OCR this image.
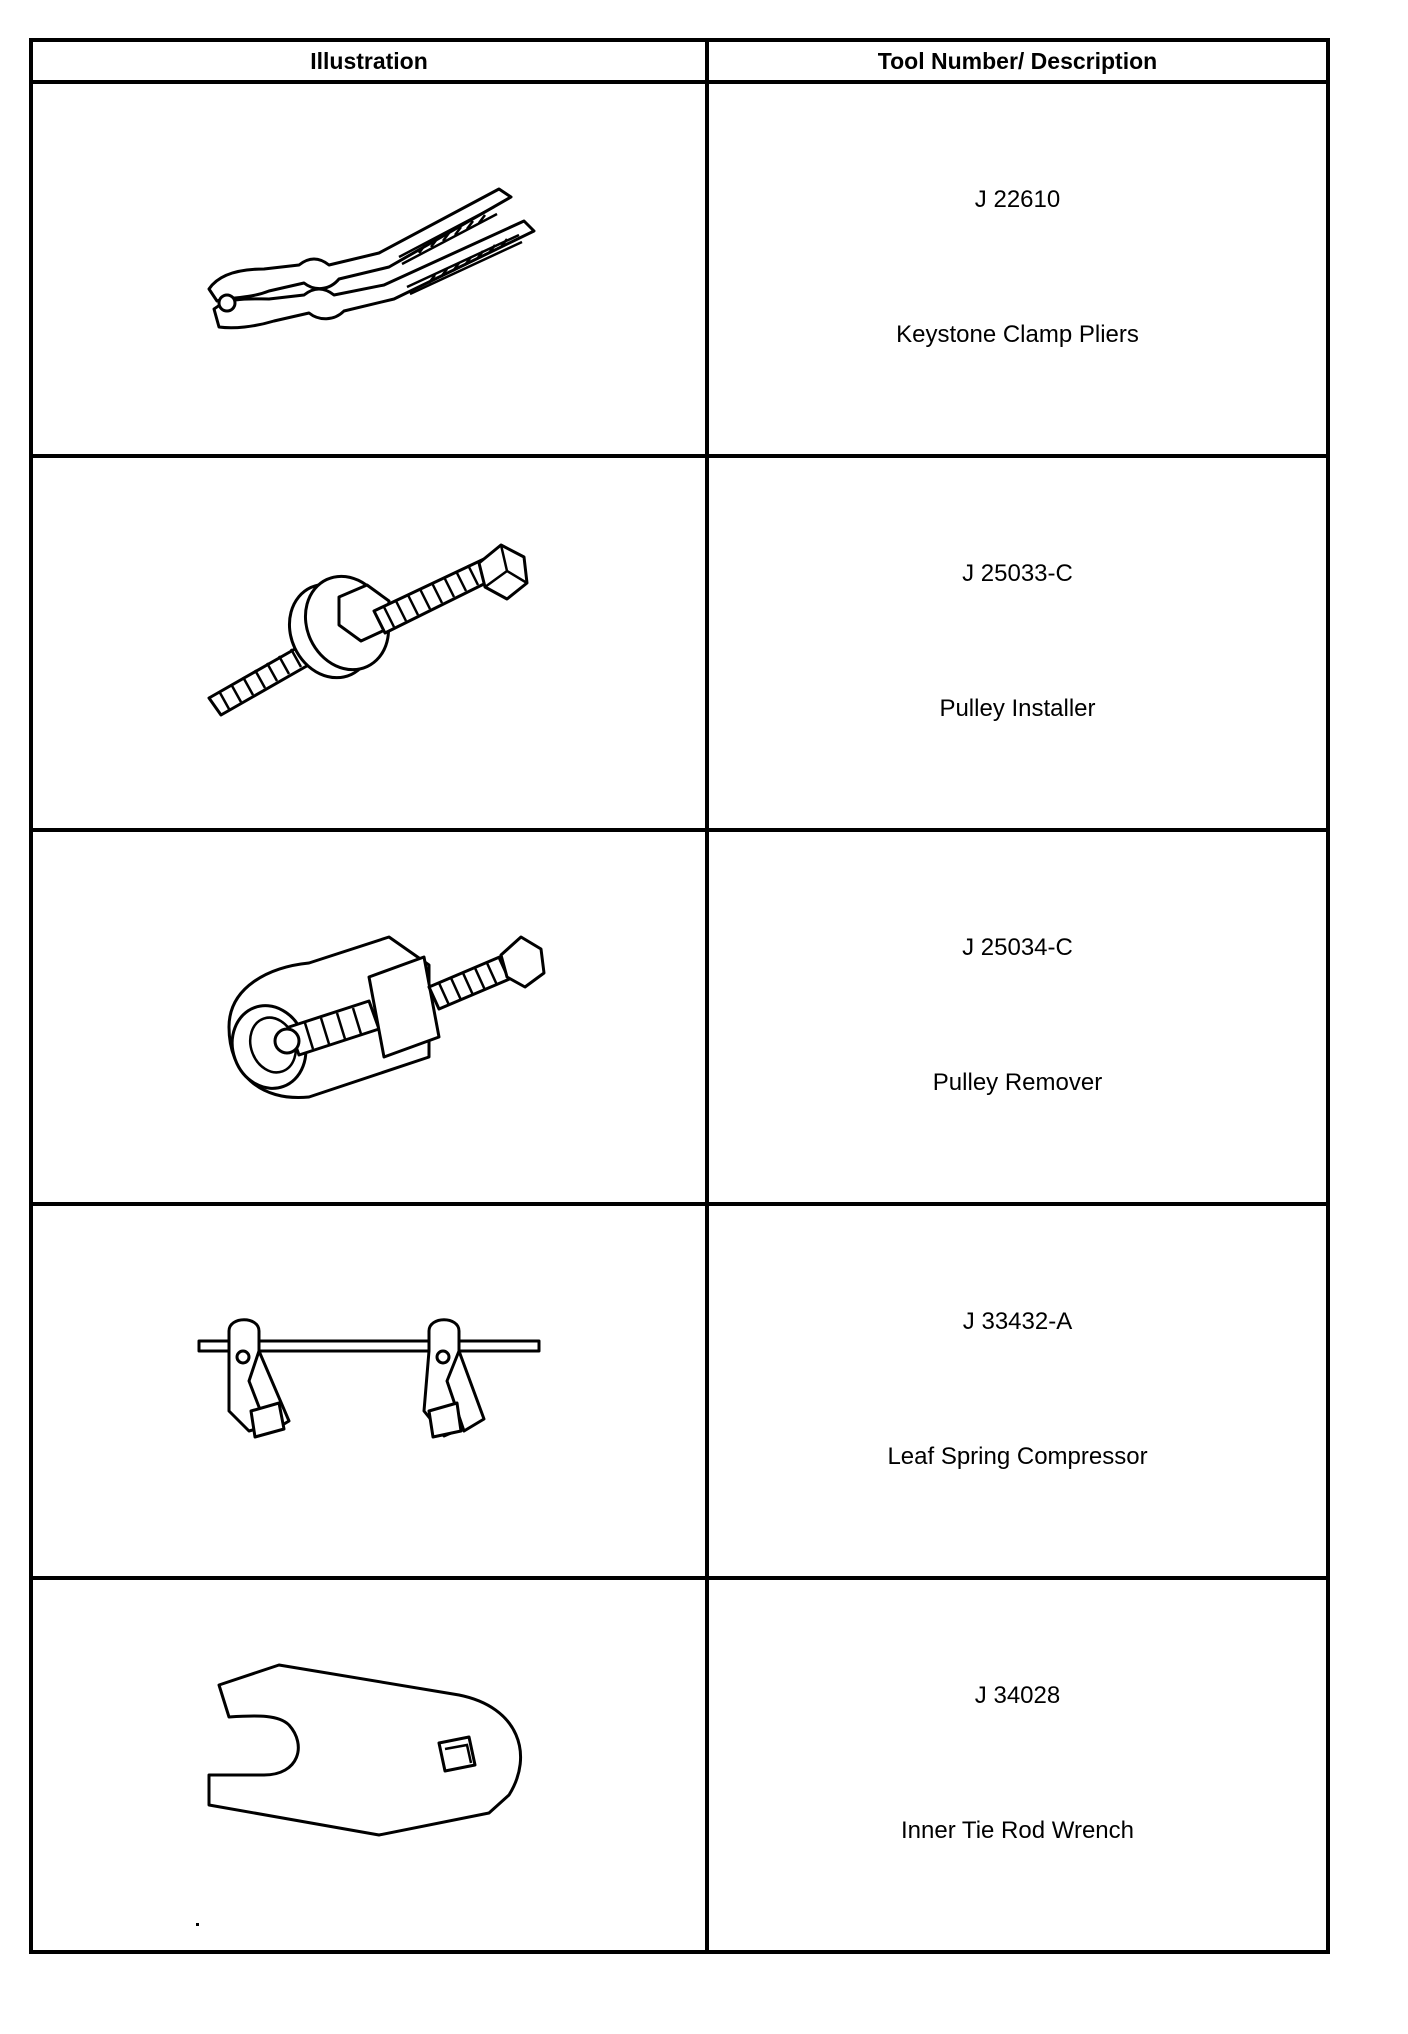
Illustration	Tool Number/ Description

J 22610
Keystone Clamp Pliers

J 25033-C
Pulley Installer

J 25034-C
Pulley Remover

J 33432-A
Leaf Spring Compressor

J 34028
Inner Tie Rod Wrench
